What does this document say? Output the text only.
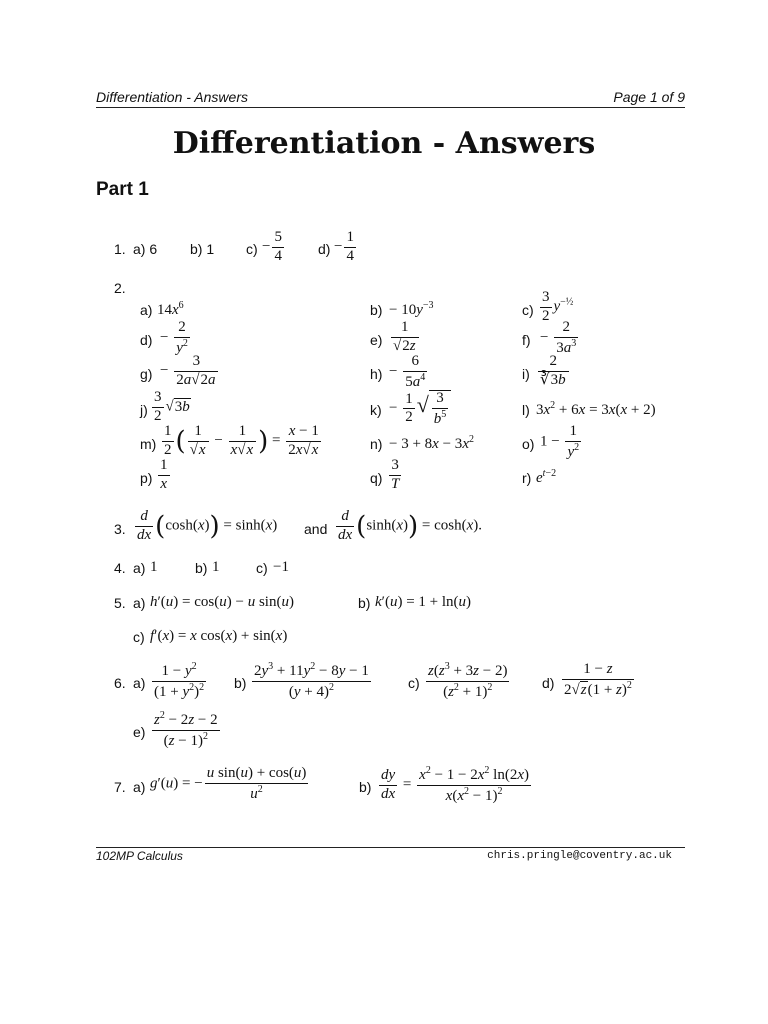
Differentiation - Answers	Page 1 of 9
Differentiation - Answers
Part 1
1. a) 6 b) 1 $c) - \frac{5}{4} d) - \frac{1}{4}$
2.
a) $14x^6$	$b) - 10y^{-3}$	$c) \frac{3}{2} y^{-\frac{1}{2}}$
$d) - \frac{2}{y^2}$	$e) \frac{1}{√2z}$	$f) - \frac{2}{3a^3}$
$g) - \frac{3}{2a√2a}$	$h) - \frac{6}{5a^4}$	$i) \frac{2}{∛3b}$
$j) \frac{3}{2} √3b$	$k) - \frac{1}{2}$ √ $\frac{3}{b^5}$	l) $3x^2 + 6x = 3x(x + 2)$
$m) \frac{1}{2}$ ( $\frac{1}{√x} - \frac{1}{x√x}$ ) = $\frac{x - 1}{2x√x}$	$n) - 3 + 8x - 3x^2$	o) $1 - \frac{1}{y^2}$
$p) \frac{1}{x}$	$q) \frac{3}{T}$	r) $e^{t-2}$
3. $\frac{d}{dx} (\cosh(x)) = \sinh(x)$ and $\frac{d}{dx} (\sinh(x)) = \cosh(x)$.
4. a) 1	b) 1	c) −1
5. a) h′(u) = cos(u) − u sin(u)	b) k′(u) = 1 + ln(u)
c) f′(x) = x cos(x) + sin(x)
6. $a) \frac{1 - y^2}{(1 + y^2)^2} b) \frac{2y^3 + 11y^2 - 8y - 1}{(y + 4)^2}$	$c) \frac{z(z^3 + 3z - 2)}{(z^2 + 1)^2} d) \frac{1 - z}{2√z(1 + z)^2}$
$e) \frac{z^2 - 2z - 2}{(z - 1)^2}$
7. a) g′(u) = − $\frac{\text{u sin(u) + cos(u)}}{u^2}$	$b) \frac{dy}{dx} = \frac{x^2 - 1 - 2x^2 \ln(2x)}{x(x^2 - 1)^2}$
102MP Calculus	chris.pringle@coventry.ac.uk
